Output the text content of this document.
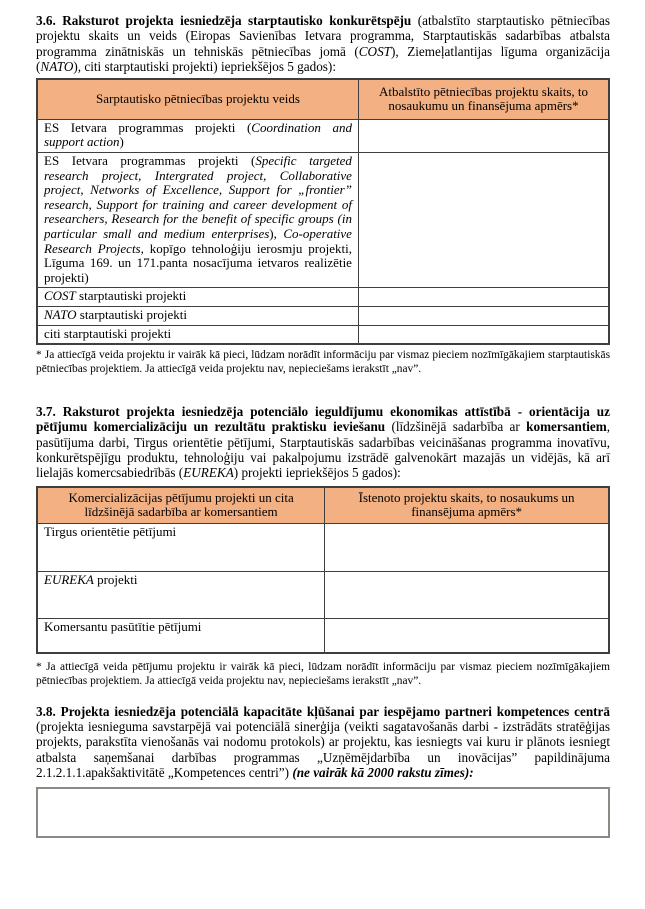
3.6. Raksturot projekta iesniedzēja starptautisko konkurētspēju (atbalstīto starptautisko pētniecības projektu skaits un veids (Eiropas Savienības Ietvara programma, Starptautiskās sadarbības atbalsta programma zinātniskās un tehniskās pētniecības jomā (COST), Ziemeļatlantijas līguma organizācija (NATO), citi starptautiski projekti) iepriekšējos 5 gados):

Sarptautisko pētniecības projektu veids	Atbalstīto pētniecības projektu skaits, to nosaukumu un finansējuma apmērs*
ES Ietvara programmas projekti (Coordination and support action)	
ES Ietvara programmas projekti (Specific targeted research project, Intergrated project, Collaborative project, Networks of Excellence, Support for „frontier” research, Support for training and career development of researchers, Research for the benefit of specific groups (in particular small and medium enterprises), Co-operative Research Projects, kopīgo tehnoloģiju ierosmju projekti, Līguma 169. un 171.panta nosacījuma ietvaros realizētie projekti)	
COST starptautiski projekti	
NATO starptautiski projekti	
citi starptautiski projekti	

* Ja attiecīgā veida projektu ir vairāk kā pieci, lūdzam norādīt informāciju par vismaz pieciem nozīmīgākajiem starptautiskās pētniecības projektiem. Ja attiecīgā veida projektu nav, nepieciešams ierakstīt „nav”.

3.7. Raksturot projekta iesniedzēja potenciālo ieguldījumu ekonomikas attīstībā - orientācija uz pētījumu komercializāciju un rezultātu praktisku ieviešanu (līdzšinējā sadarbība ar komersantiem, pasūtījuma darbi, Tirgus orientētie pētījumi, Starptautiskās sadarbības veicināšanas programma inovatīvu, konkurētspējīgu produktu, tehnoloģiju vai pakalpojumu izstrādē galvenokārt mazajās un vidējās, kā arī lielajās komercsabiedrībās (EUREKA) projekti iepriekšējos 5 gados):

Komercializācijas pētījumu projekti un cita līdzšinējā sadarbība ar komersantiem	Īstenoto projektu skaits, to nosaukums un finansējuma apmērs*
Tirgus orientētie pētījumi	
EUREKA projekti	
Komersantu pasūtītie pētījumi	

* Ja attiecīgā veida pētījumu projektu ir vairāk kā pieci, lūdzam norādīt informāciju par vismaz pieciem nozīmīgākajiem pētniecības projektiem. Ja attiecīgā veida projektu nav, nepieciešams ierakstīt „nav”.

3.8. Projekta iesniedzēja potenciālā kapacitāte kļūšanai par iespējamo partneri kompetences centrā (projekta iesnieguma savstarpējā vai potenciālā sinerģija (veikti sagatavošanās darbi - izstrādāts stratēģijas projekts, parakstīta vienošanās vai nodomu protokols) ar projektu, kas iesniegts vai kuru ir plānots iesniegt atbalsta saņemšanai darbības programmas „Uzņēmējdarbība un inovācijas” papildinājuma 2.1.2.1.1.apakšaktivitātē „Kompetences centri”) (ne vairāk kā 2000 rakstu zīmes):
